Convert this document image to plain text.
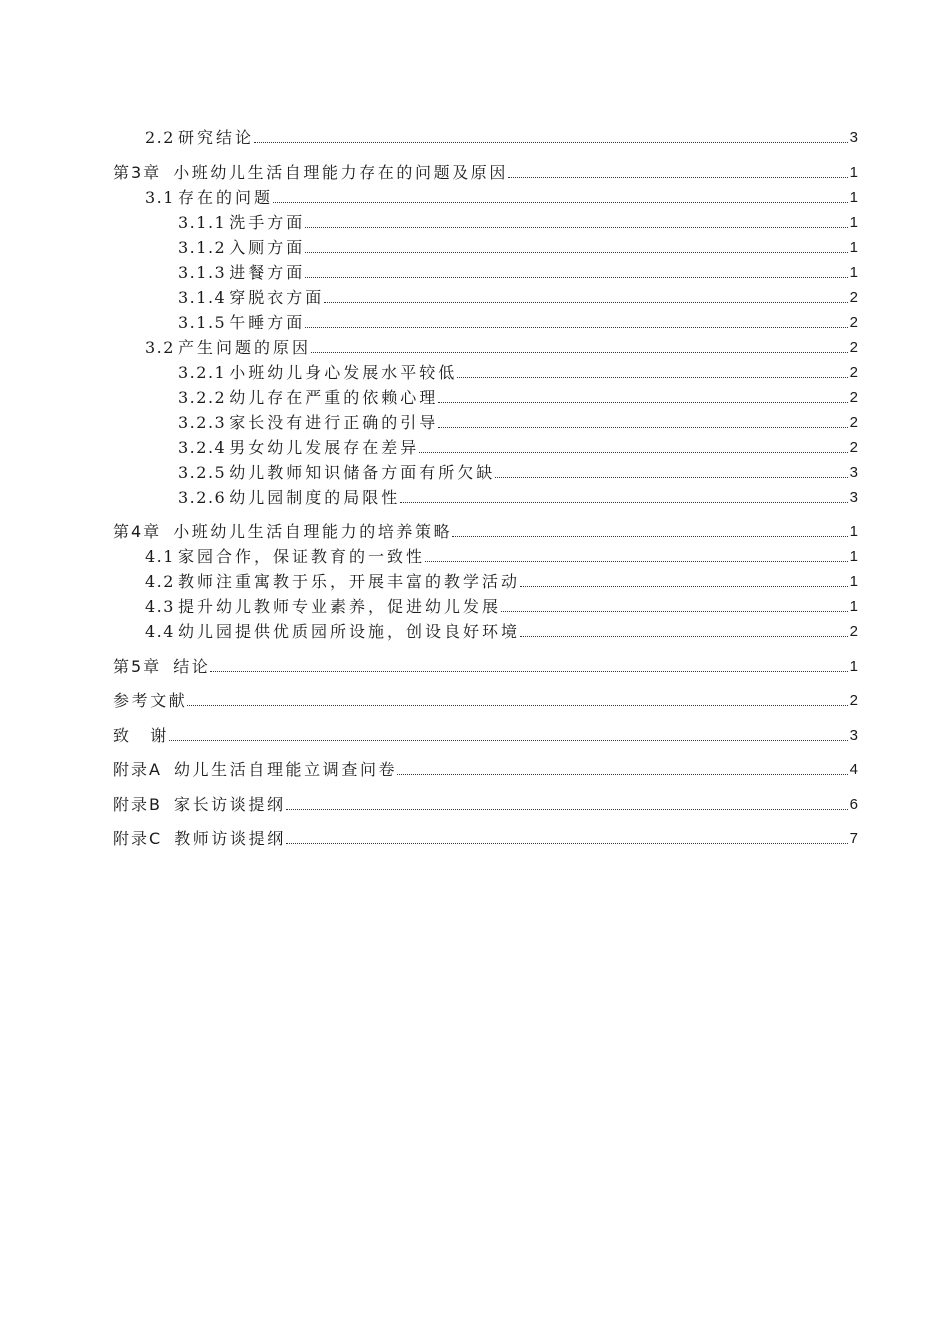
2.2 研究结论	3
第3章 小班幼儿生活自理能力存在的问题及原因	1
3.1 存在的问题	1
3.1.1 洗手方面	1
3.1.2 入厕方面	1
3.1.3 进餐方面	1
3.1.4 穿脱衣方面	2
3.1.5 午睡方面	2
3.2 产生问题的原因	2
3.2.1 小班幼儿身心发展水平较低	2
3.2.2 幼儿存在严重的依赖心理	2
3.2.3 家长没有进行正确的引导	2
3.2.4 男女幼儿发展存在差异	2
3.2.5 幼儿教师知识储备方面有所欠缺	3
3.2.6 幼儿园制度的局限性	3
第4章 小班幼儿生活自理能力的培养策略	1
4.1 家园合作，保证教育的一致性	1
4.2 教师注重寓教于乐，开展丰富的教学活动	1
4.3 提升幼儿教师专业素养，促进幼儿发展	1
4.4 幼儿园提供优质园所设施，创设良好环境	2
第5章 结论	1
参考文献	2
致　谢	3
附录A 幼儿生活自理能立调查问卷	4
附录B 家长访谈提纲	6
附录C 教师访谈提纲	7
